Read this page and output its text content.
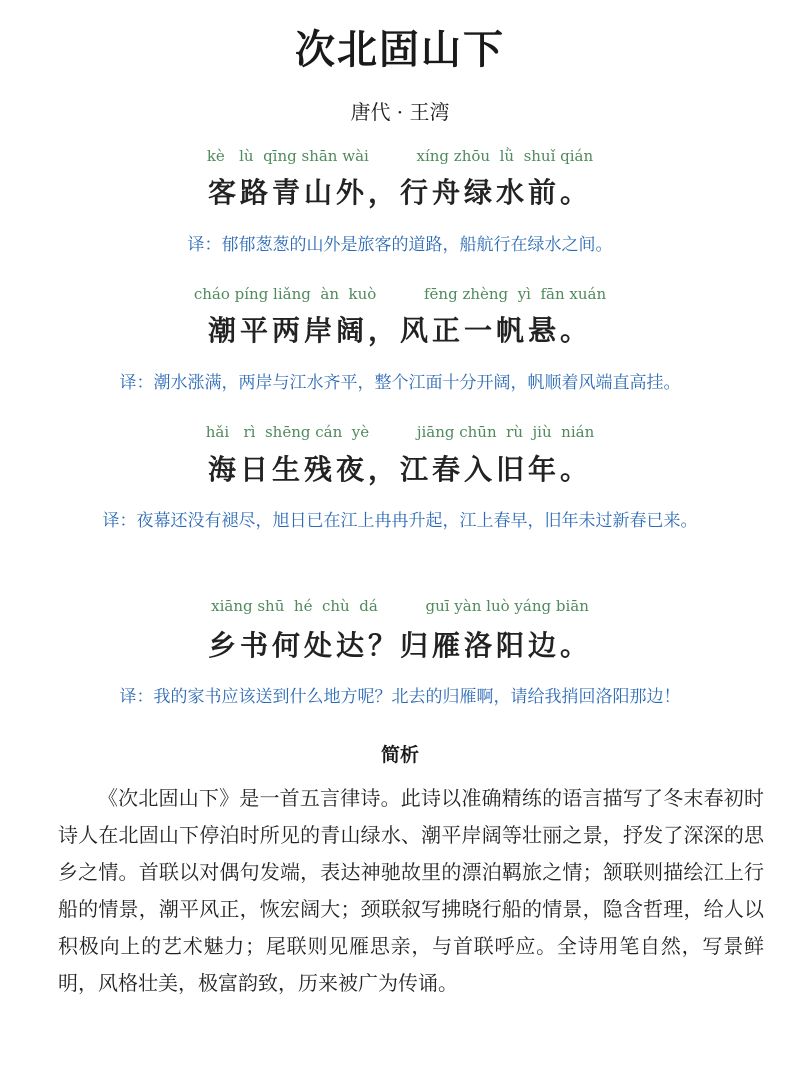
次北固山下
唐代 · 王湾
kè   lù  qīng shān wài          xíng zhōu  lǜ  shuǐ qián
客路青山外，行舟绿水前。
译：郁郁葱葱的山外是旅客的道路，船航行在绿水之间。
cháo píng liǎng  àn  kuò          fēng zhèng  yì  fān xuán
潮平两岸阔，风正一帆悬。
译：潮水涨满，两岸与江水齐平，整个江面十分开阔，帆顺着风端直高挂。
hǎi   rì  shēng cán  yè          jiāng chūn  rù  jiù  nián
海日生残夜，江春入旧年。
译：夜幕还没有褪尽，旭日已在江上冉冉升起，江上春早，旧年未过新春已来。
xiāng shū  hé  chù  dá          guī yàn luò yáng biān
乡书何处达？归雁洛阳边。
译：我的家书应该送到什么地方呢？北去的归雁啊，请给我捎回洛阳那边！
简析
《次北固山下》是一首五言律诗。此诗以准确精练的语言描写了冬末春初时诗人在北固山下停泊时所见的青山绿水、潮平岸阔等壮丽之景，抒发了深深的思乡之情。首联以对偶句发端，表达神驰故里的漂泊羁旅之情；颔联则描绘江上行船的情景，潮平风正，恢宏阔大；颈联叙写拂晓行船的情景，隐含哲理，给人以积极向上的艺术魅力；尾联则见雁思亲，与首联呼应。全诗用笔自然，写景鲜明，风格壮美，极富韵致，历来被广为传诵。
